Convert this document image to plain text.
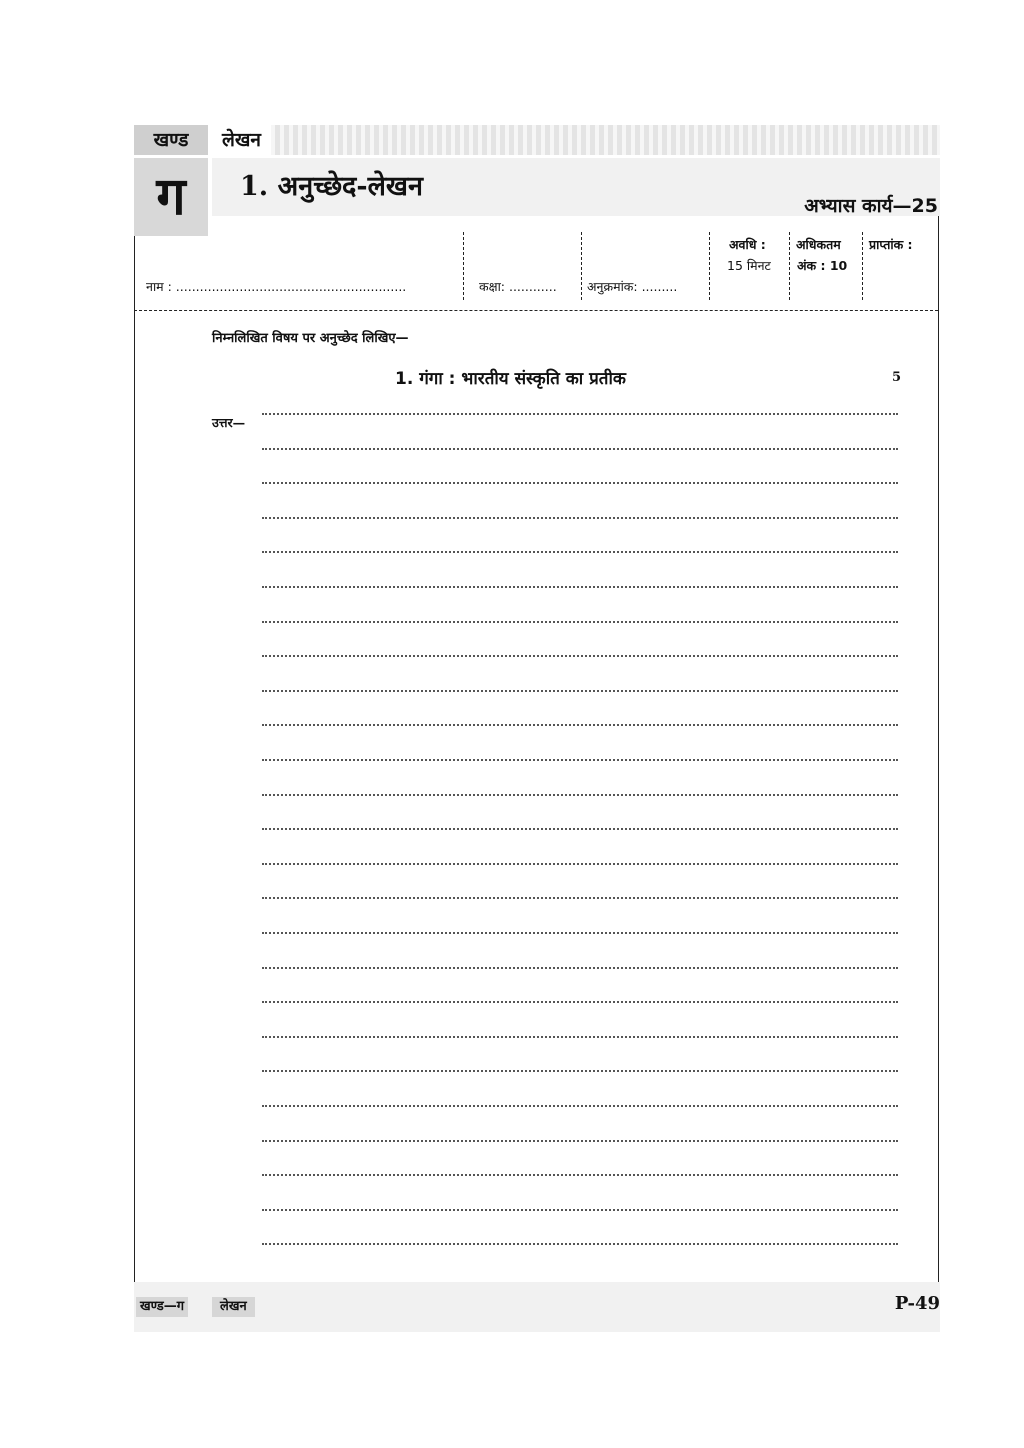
खण्ड	लेखन
ग	1. अनुच्छेद-लेखन
अभ्यास कार्य—25
नाम : ..........................................................	कक्षा: ............ अनुक्रमांक: .........
अवधि :
15 मिनट
अधिकतम
अंक : 10
प्राप्तांक :
निम्नलिखित विषय पर अनुच्छेद लिखिए—
1. गंगा : भारतीय संस्कृति का प्रतीक	5
उत्तर—
खण्ड—ग	लेखन	P-49
